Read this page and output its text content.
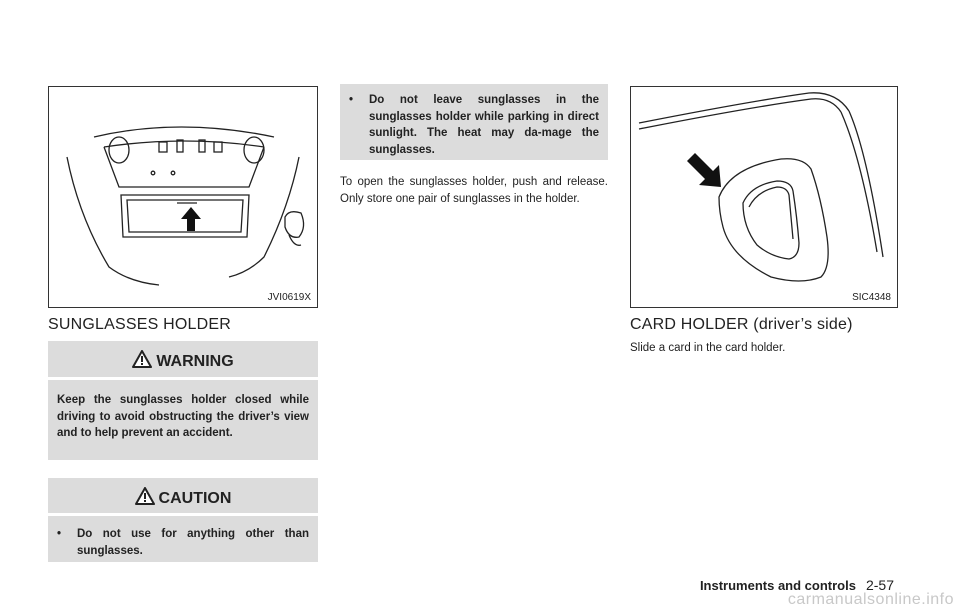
JVI0619X
SUNGLASSES HOLDER
WARNING
Keep the sunglasses holder closed while driving to avoid obstructing the driver’s view and to help prevent an accident.
CAUTION
• Do not use for anything other than sunglasses.
• Do not leave sunglasses in the sunglasses holder while parking in direct sunlight. The heat may da-mage the sunglasses.
To open the sunglasses holder, push and release. Only store one pair of sunglasses in the holder.
SIC4348
CARD HOLDER (driver’s side)
Slide a card in the card holder.
Instruments and controls 2-57
carmanualsonline.info
